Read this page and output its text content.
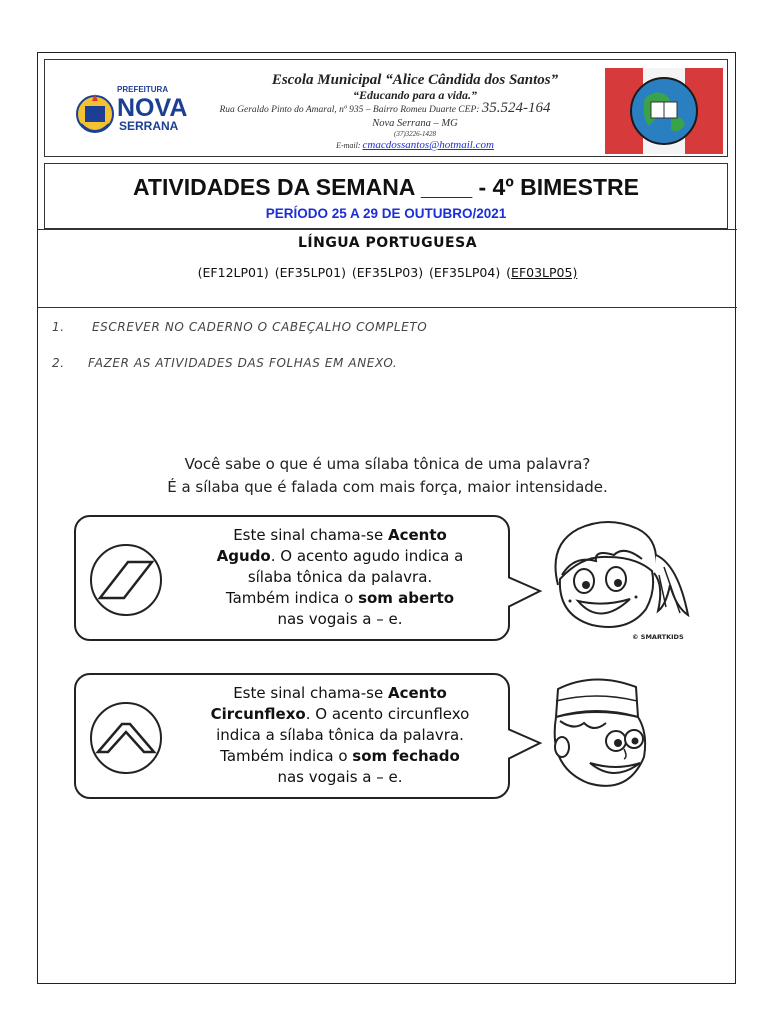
PREFEITURA
NOVA
SERRANA
Escola Municipal “Alice Cândida dos Santos”
“Educando para a vida.”
Rua Geraldo Pinto do Amaral, nº 935 – Bairro Romeu Duarte CEP: 35.524-164
Nova Serrana – MG
(37)3226-1428
E-mail: cmacdossantos@hotmail.com
ATIVIDADES DA SEMANA ____ - 4º BIMESTRE
PERÍODO 25 A 29 DE OUTUBRO/2021
LÍNGUA PORTUGUESA
(EF12LP01) (EF35LP01) (EF35LP03) (EF35LP04) (EF03LP05)
1. ESCREVER NO CADERNO O CABEÇALHO COMPLETO
2. FAZER AS ATIVIDADES DAS FOLHAS EM ANEXO.
Você sabe o que é uma sílaba tônica de uma palavra?
É a sílaba que é falada com mais força, maior intensidade.
Este sinal chama-se Acento
Agudo. O acento agudo indica a
sílaba tônica da palavra.
Também indica o som aberto
nas vogais a – e.
© SMARTKIDS
Este sinal chama-se Acento
Circunflexo. O acento circunflexo
indica a sílaba tônica da palavra.
Também indica o som fechado
nas vogais a – e.
